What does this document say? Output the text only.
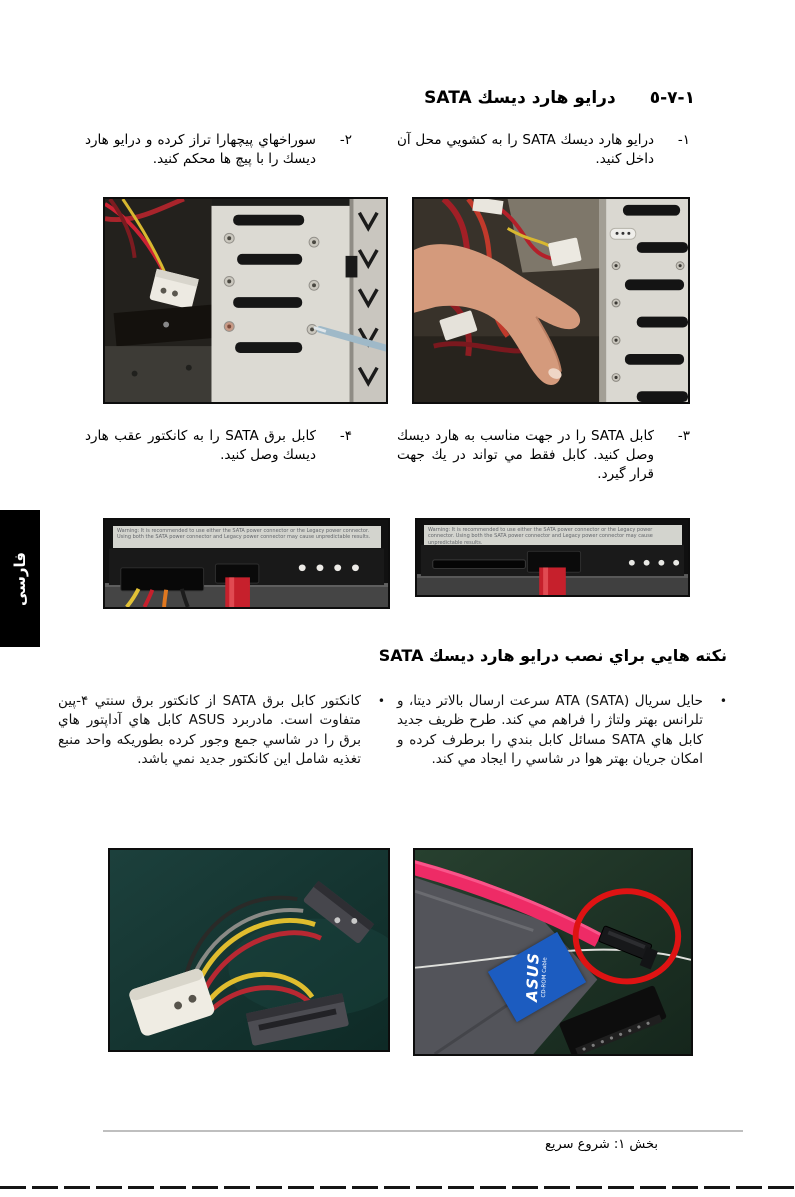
١-٧-٥درايو هارد ديسك SATA
١-
درايو هارد ديسك SATA را به كشويي محل آن داخل كنيد.
٢-
سوراخهاي پيچهارا تراز كرده و درايو هارد ديسك را با پيچ ها محكم كنيد.
٣-
كابل SATA را در جهت مناسب به هارد ديسك وصل كنيد. كابل فقط مي تواند در يك جهت قرار گيرد.
۴-
كابل برق SATA را به كانكتور عقب هارد ديسك وصل كنيد.
Warning: It is recommended to use either the SATA power connector or the Legacy power connector. Using both the SATA power connector and Legacy power connector may cause unpredictable results.
Warning: It is recommended to use either the SATA power connector or the Legacy power connector. Using both the SATA power connector and Legacy power connector may cause unpredictable results.
نكته هايي براي نصب درايو هارد ديسك SATA
•
حايل سريال ATA (SATA) سرعت ارسال بالاتر ديتا، و تلرانس بهتر ولتاژ را فراهم مي كند. طرح ظريف جديد كابل هاي SATA مسائل كابل بندي را برطرف كرده و امكان جريان بهتر هوا در شاسي را ايجاد مي كند.
•
كانكتور كابل برق SATA از كانكتور برق سنتي ۴-پين متفاوت است. مادربرد ASUS كابل هاي آداپتور هاي برق را در شاسي جمع وجور كرده بطوريكه واحد منبع تغذيه شامل اين كانكتور جديد نمي باشد.
ASUS
CD-ROM Cable
فارسی
بخش ١: شروع سريع
